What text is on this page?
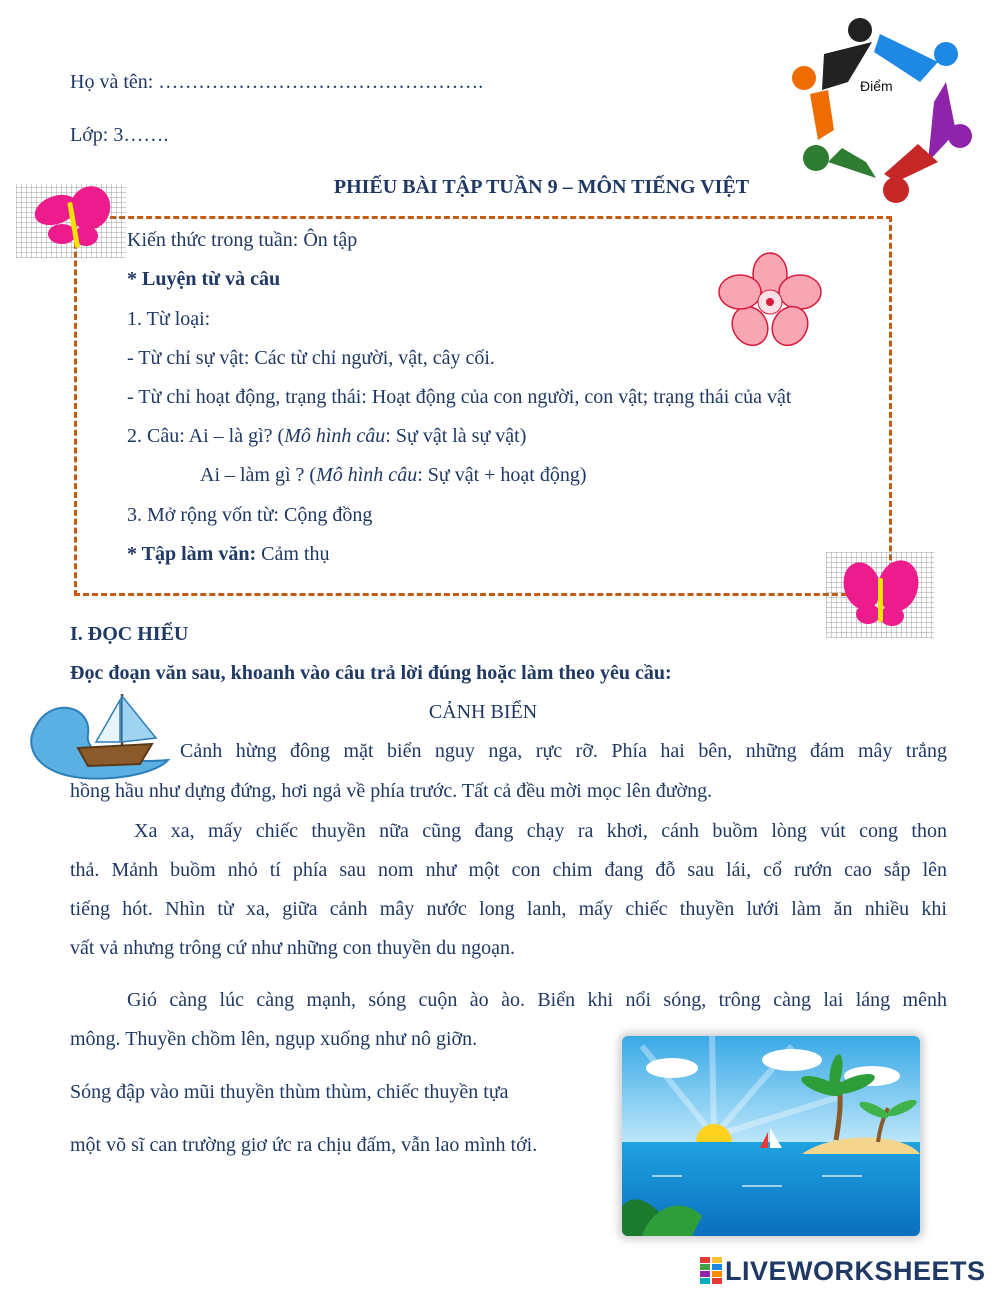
Họ và tên: ………………………………………….
Lớp: 3…….
Điểm
PHIẾU BÀI TẬP TUẦN 9 – MÔN TIẾNG VIỆT
Kiến thức trong tuần: Ôn tập
* Luyện từ và câu
1. Từ loại:
- Từ chỉ sự vật: Các từ chỉ người, vật, cây cối.
- Từ chỉ hoạt động, trạng thái: Hoạt động của con người, con vật; trạng thái của vật
2. Câu: Ai – là gì? (Mô hình câu: Sự vật là sự vật)
Ai – làm gì ? (Mô hình câu: Sự vật + hoạt động)
3. Mở rộng vốn từ: Cộng đồng
* Tập làm văn: Cảm thụ
I. ĐỌC HIỂU
Đọc đoạn văn sau, khoanh vào câu trả lời đúng hoặc làm theo yêu cầu:
CẢNH BIỂN
Cảnh hừng đông mặt biển nguy nga, rực rỡ. Phía hai bên, những đám mây trắng
hồng hầu như dựng đứng, hơi ngả về phía trước. Tất cả đều mời mọc lên đường.
Xa xa, mấy chiếc thuyền nữa cũng đang chạy ra khơi, cánh buồm lòng vút cong thon
thả. Mảnh buồm nhỏ tí phía sau nom như một con chim đang đỗ sau lái, cổ rướn cao sắp lên
tiếng hót. Nhìn từ xa, giữa cảnh mây nước long lanh, mấy chiếc thuyền lưới làm ăn nhiều khi
vất vả nhưng trông cứ như những con thuyền du ngoạn.
Gió càng lúc càng mạnh, sóng cuộn ào ào. Biển khi nổi sóng, trông càng lai láng mênh
mông. Thuyền chồm lên, ngụp xuống như nô giỡn.
Sóng đập vào mũi thuyền thùm thùm, chiếc thuyền tựa
một võ sĩ can trường giơ ức ra chịu đấm, vẫn lao mình tới.
LIVEWORKSHEETS
